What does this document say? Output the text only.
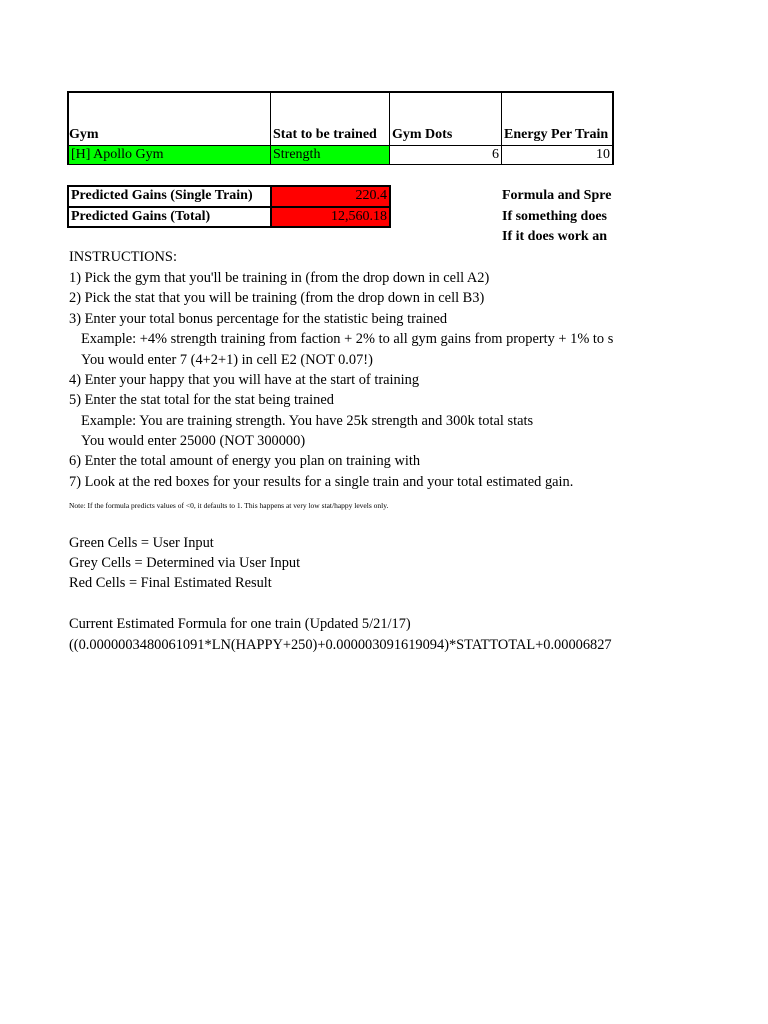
Gym	Stat to be trained	Gym Dots	Energy Per Train
[H] Apollo Gym	Strength	6	10
Predicted Gains (Single Train)	220.4
Predicted Gains (Total)	12,560.18
Formula and Spre
If something does
If it does work an
INSTRUCTIONS:
1) Pick the gym that you'll be training in (from the drop down in cell A2)
2) Pick the stat that you will be training (from the drop down in cell B3)
3) Enter your total bonus percentage for the statistic being trained
Example: +4% strength training from faction + 2% to all gym gains from property + 1% to s
You would enter 7 (4+2+1) in cell E2 (NOT 0.07!)
4) Enter your happy that you will have at the start of training
5) Enter the stat total for the stat being trained
Example: You are training strength. You have 25k strength and 300k total stats
You would enter 25000 (NOT 300000)
6) Enter the total amount of energy you plan on training with
7) Look at the red boxes for your results for a single train and your total estimated gain.
Note: If the formula predicts values of <0, it defaults to 1. This happens at very low stat/happy levels only.
Green Cells = User Input
Grey Cells = Determined via User Input
Red Cells = Final Estimated Result
Current Estimated Formula for one train (Updated 5/21/17)
((0.0000003480061091*LN(HAPPY+250)+0.000003091619094)*STATTOTAL+0.00006827
